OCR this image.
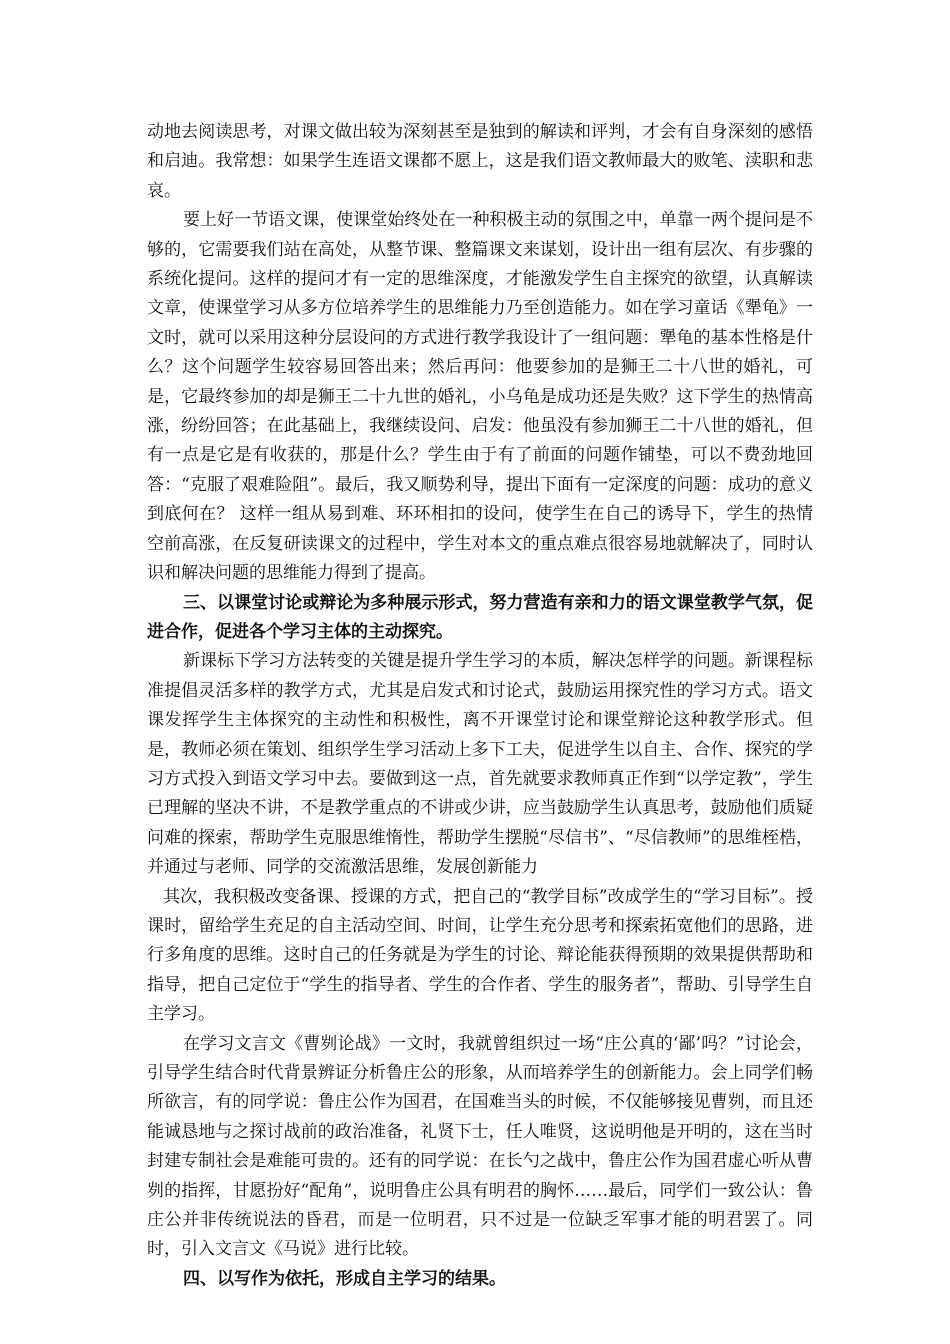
动地去阅读思考，对课文做出较为深刻甚至是独到的解读和评判，才会有自身深刻的感悟和启迪。我常想：如果学生连语文课都不愿上，这是我们语文教师最大的败笔、渎职和悲哀。

要上好一节语文课，使课堂始终处在一种积极主动的氛围之中，单靠一两个提问是不够的，它需要我们站在高处，从整节课、整篇课文来谋划，设计出一组有层次、有步骤的系统化提问。这样的提问才有一定的思维深度，才能激发学生自主探究的欲望，认真解读文章，使课堂学习从多方位培养学生的思维能力乃至创造能力。如在学习童话《犟龟》一文时，就可以采用这种分层设问的方式进行教学我设计了一组问题：犟龟的基本性格是什么？这个问题学生较容易回答出来；然后再问：他要参加的是狮王二十八世的婚礼，可是，它最终参加的却是狮王二十九世的婚礼，小乌龟是成功还是失败？这下学生的热情高涨，纷纷回答；在此基础上，我继续设问、启发：他虽没有参加狮王二十八世的婚礼，但有一点是它是有收获的，那是什么？学生由于有了前面的问题作铺垫，可以不费劲地回答：“克服了艰难险阻”。最后，我又顺势利导，提出下面有一定深度的问题：成功的意义到底何在？ 这样一组从易到难、环环相扣的设问，使学生在自己的诱导下，学生的热情空前高涨，在反复研读课文的过程中，学生对本文的重点难点很容易地就解决了，同时认识和解决问题的思维能力得到了提高。

三、以课堂讨论或辩论为多种展示形式，努力营造有亲和力的语文课堂教学气氛，促进合作，促进各个学习主体的主动探究。

新课标下学习方法转变的关键是提升学生学习的本质，解决怎样学的问题。新课程标准提倡灵活多样的教学方式，尤其是启发式和讨论式，鼓励运用探究性的学习方式。语文课发挥学生主体探究的主动性和积极性，离不开课堂讨论和课堂辩论这种教学形式。但是，教师必须在策划、组织学生学习活动上多下工夫，促进学生以自主、合作、探究的学习方式投入到语文学习中去。要做到这一点，首先就要求教师真正作到“以学定教”，学生已理解的坚决不讲，不是教学重点的不讲或少讲，应当鼓励学生认真思考，鼓励他们质疑问难的探索，帮助学生克服思维惰性，帮助学生摆脱“尽信书”、“尽信教师”的思维桎梏，并通过与老师、同学的交流激活思维，发展创新能力

其次，我积极改变备课、授课的方式，把自己的“教学目标”改成学生的“学习目标”。授课时，留给学生充足的自主活动空间、时间，让学生充分思考和探索拓宽他们的思路，进行多角度的思维。这时自己的任务就是为学生的讨论、辩论能获得预期的效果提供帮助和指导，把自己定位于“学生的指导者、学生的合作者、学生的服务者”，帮助、引导学生自主学习。

在学习文言文《曹刿论战》一文时，我就曾组织过一场“庄公真的‘鄙’吗？”讨论会，引导学生结合时代背景辨证分析鲁庄公的形象，从而培养学生的创新能力。会上同学们畅所欲言，有的同学说：鲁庄公作为国君，在国难当头的时候，不仅能够接见曹刿，而且还能诚恳地与之探讨战前的政治准备，礼贤下士，任人唯贤，这说明他是开明的，这在当时封建专制社会是难能可贵的。还有的同学说：在长勺之战中，鲁庄公作为国君虚心听从曹刿的指挥，甘愿扮好“配角”，说明鲁庄公具有明君的胸怀……最后，同学们一致公认：鲁庄公并非传统说法的昏君，而是一位明君，只不过是一位缺乏军事才能的明君罢了。同时，引入文言文《马说》进行比较。

四、以写作为依托，形成自主学习的结果。
